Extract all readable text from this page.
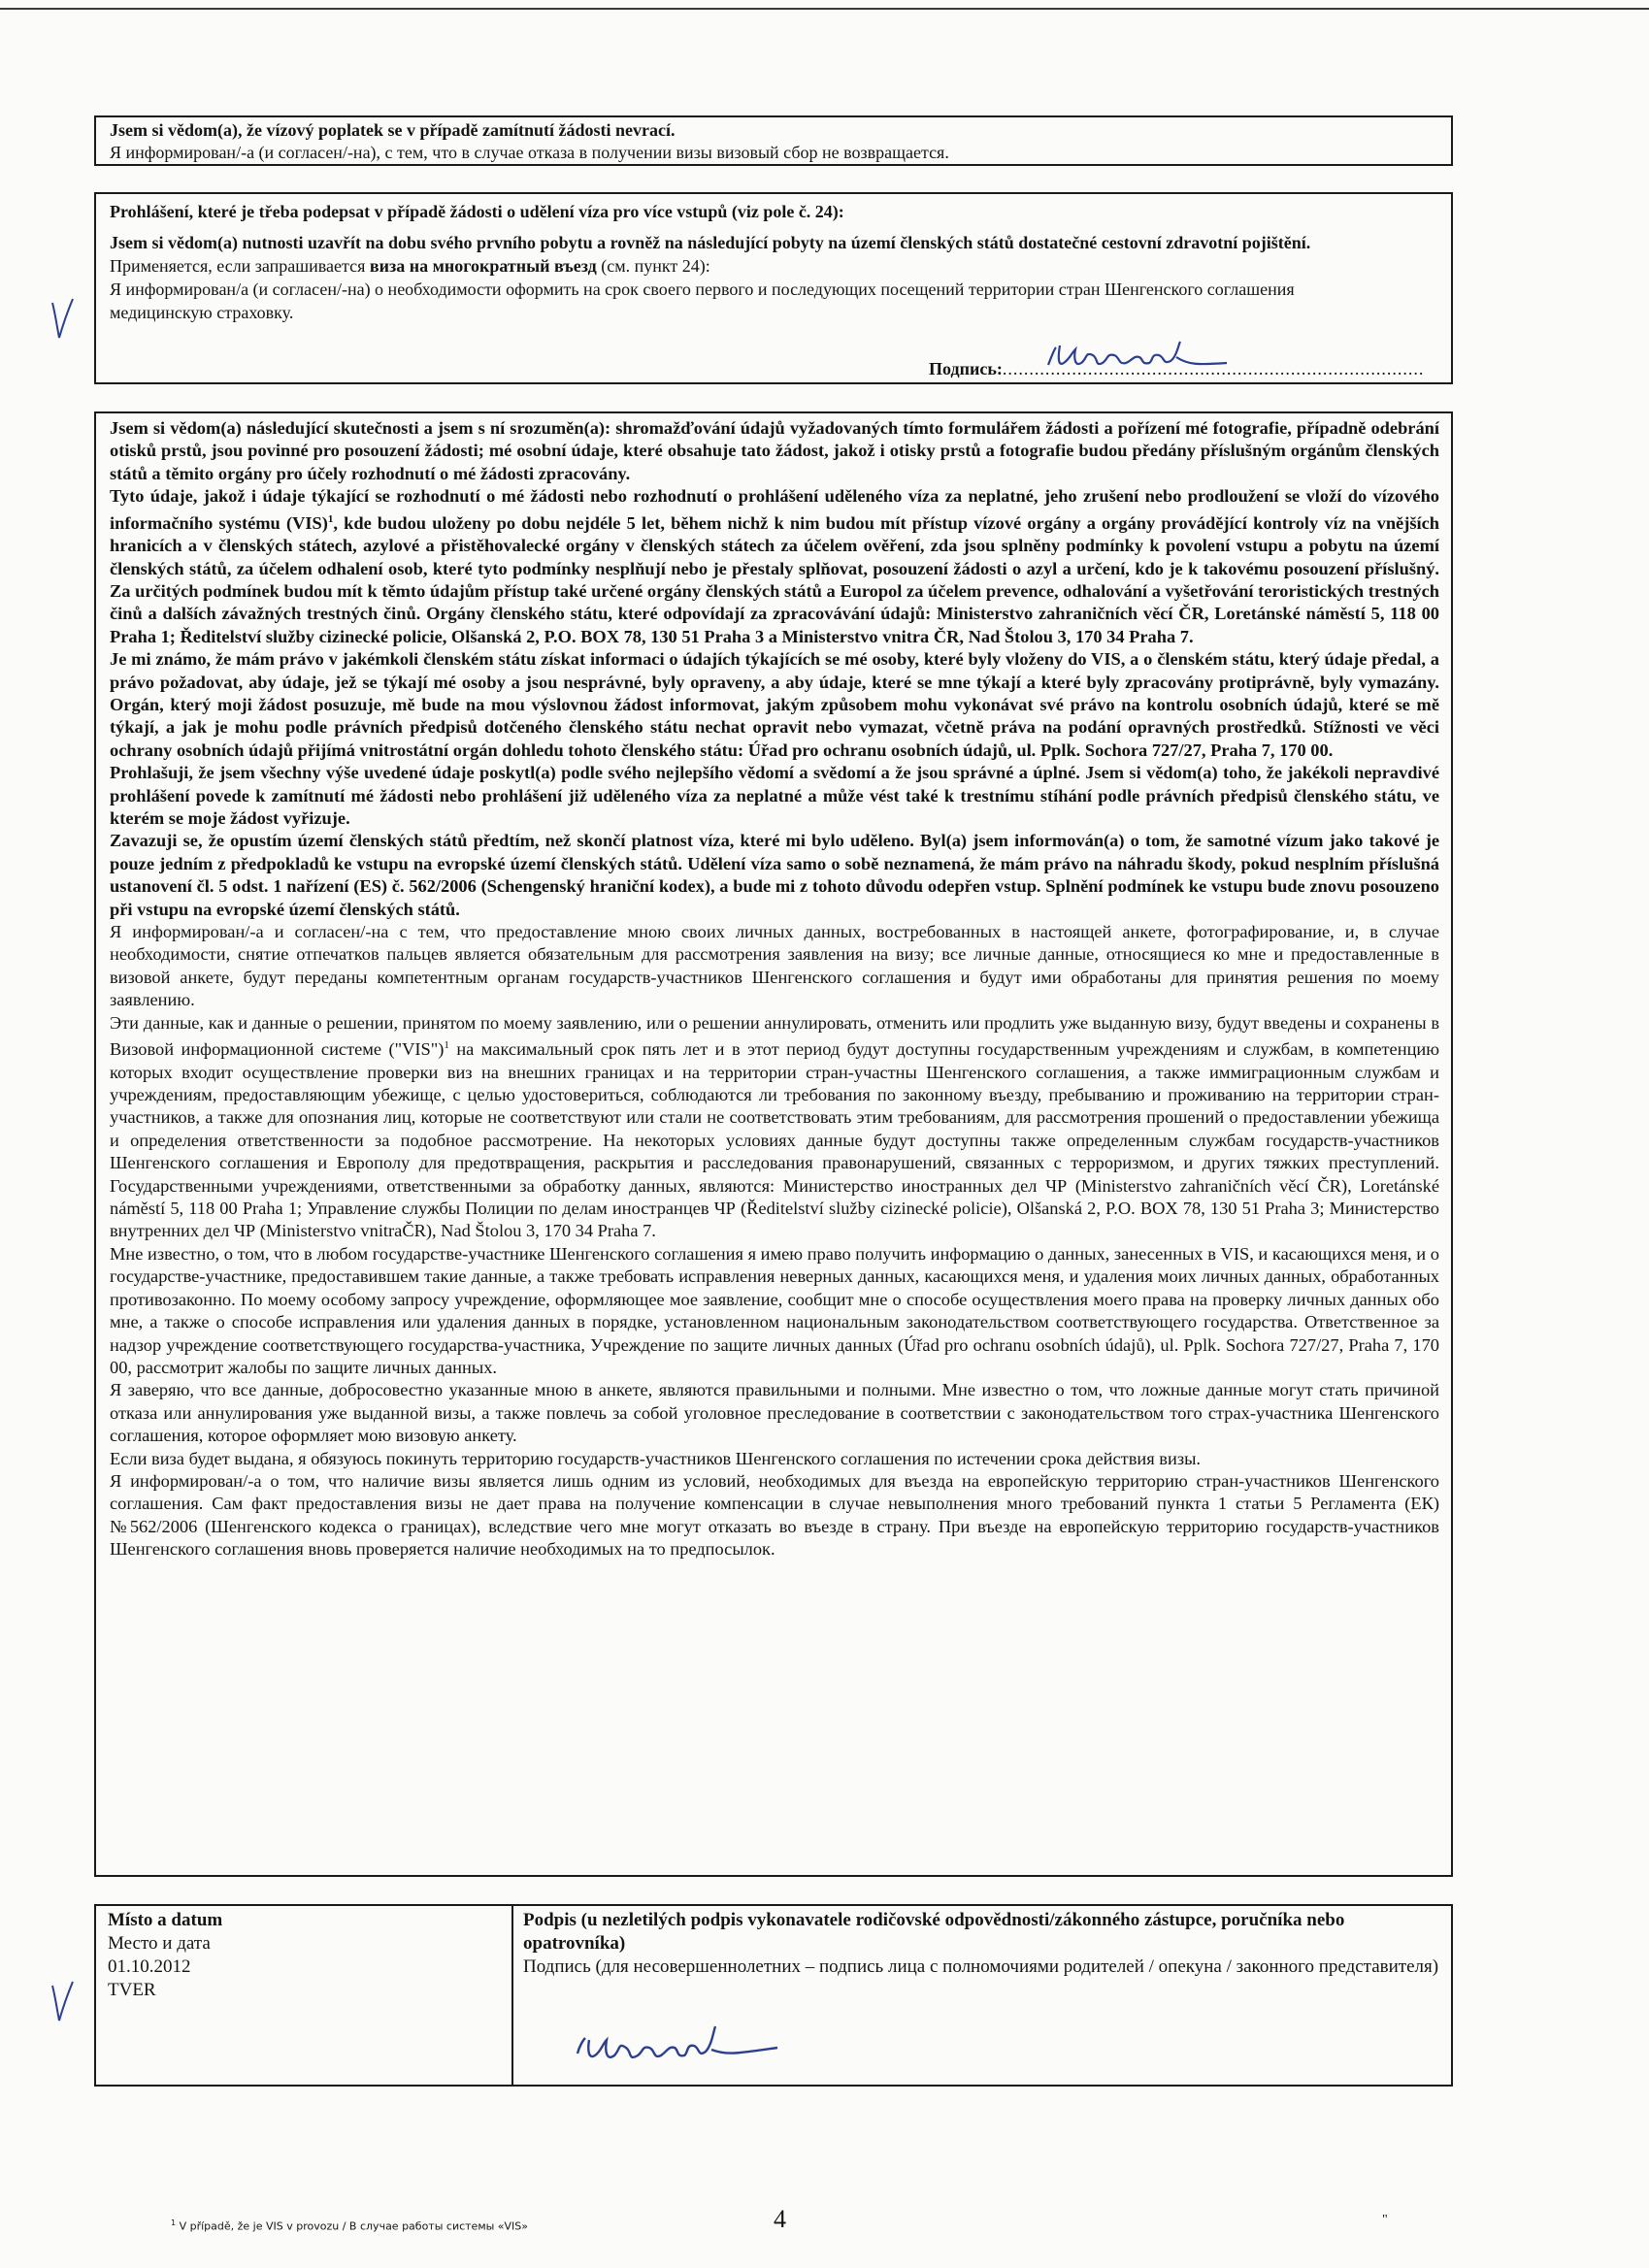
Jsem si vědom(a), že vízový poplatek se v případě zamítnutí žádosti nevrací.

Я информирован/-а (и согласен/-на), с тем, что в случае отказа в получении визы визовый сбор не возвращается.

Prohlášení, které je třeba podepsat v případě žádosti o udělení víza pro více vstupů (viz pole č. 24):

Jsem si vědom(a) nutnosti uzavřít na dobu svého prvního pobytu a rovněž na následující pobyty na území členských států dostatečné cestovní zdravotní pojištění.

Применяется, если запрашивается виза на многократный въезд (см. пункт 24):

Я информирован/а (и согласен/-на) о необходимости оформить на срок своего первого и последующих посещений территории стран Шенгенского соглашения медицинскую страховку.

Подпись:...............................................................................

Jsem si vědom(a) následující skutečnosti a jsem s ní srozuměn(a): shromažďování údajů vyžadovaných tímto formulářem žádosti a pořízení mé fotografie, případně odebrání otisků prstů, jsou povinné pro posouzení žádosti; mé osobní údaje, které obsahuje tato žádost, jakož i otisky prstů a fotografie budou předány příslušným orgánům členských států a těmito orgány pro účely rozhodnutí o mé žádosti zpracovány.

Tyto údaje, jakož i údaje týkající se rozhodnutí o mé žádosti nebo rozhodnutí o prohlášení uděleného víza za neplatné, jeho zrušení nebo prodloužení se vloží do vízového informačního systému (VIS)$^1$, kde budou uloženy po dobu nejdéle 5 let, během nichž k nim budou mít přístup vízové orgány a orgány provádějící kontroly víz na vnějších hranicích a v členských státech, azylové a přistěhovalecké orgány v členských státech za účelem ověření, zda jsou splněny podmínky k povolení vstupu a pobytu na území členských států, za účelem odhalení osob, které tyto podmínky nesplňují nebo je přestaly splňovat, posouzení žádosti o azyl a určení, kdo je k takovému posouzení příslušný. Za určitých podmínek budou mít k těmto údajům přístup také určené orgány členských států a Europol za účelem prevence, odhalování a vyšetřování teroristických trestných činů a dalších závažných trestných činů. Orgány členského státu, které odpovídají za zpracovávání údajů: Ministerstvo zahraničních věcí ČR, Loretánské náměstí 5, 118 00 Praha 1; Ředitelství služby cizinecké policie, Olšanská 2, P.O. BOX 78, 130 51 Praha 3 a Ministerstvo vnitra ČR, Nad Štolou 3, 170 34 Praha 7.

Je mi známo, že mám právo v jakémkoli členském státu získat informaci o údajích týkajících se mé osoby, které byly vloženy do VIS, a o členském státu, který údaje předal, a právo požadovat, aby údaje, jež se týkají mé osoby a jsou nesprávné, byly opraveny, a aby údaje, které se mne týkají a které byly zpracovány protiprávně, byly vymazány. Orgán, který moji žádost posuzuje, mě bude na mou výslovnou žádost informovat, jakým způsobem mohu vykonávat své právo na kontrolu osobních údajů, které se mě týkají, a jak je mohu podle právních předpisů dotčeného členského státu nechat opravit nebo vymazat, včetně práva na podání opravných prostředků. Stížnosti ve věci ochrany osobních údajů přijímá vnitrostátní orgán dohledu tohoto členského státu: Úřad pro ochranu osobních údajů, ul. Pplk. Sochora 727/27, Praha 7, 170 00.

Prohlašuji, že jsem všechny výše uvedené údaje poskytl(a) podle svého nejlepšího vědomí a svědomí a že jsou správné a úplné. Jsem si vědom(a) toho, že jakékoli nepravdivé prohlášení povede k zamítnutí mé žádosti nebo prohlášení již uděleného víza za neplatné a může vést také k trestnímu stíhání podle právních předpisů členského státu, ve kterém se moje žádost vyřizuje.

Zavazuji se, že opustím území členských států předtím, než skončí platnost víza, které mi bylo uděleno. Byl(a) jsem informován(a) o tom, že samotné vízum jako takové je pouze jedním z předpokladů ke vstupu na evropské území členských států. Udělení víza samo o sobě neznamená, že mám právo na náhradu škody, pokud nesplním příslušná ustanovení čl. 5 odst. 1 nařízení (ES) č. 562/2006 (Schengenský hraniční kodex), a bude mi z tohoto důvodu odepřen vstup. Splnění podmínek ke vstupu bude znovu posouzeno při vstupu na evropské území členských států.

Я информирован/-а и согласен/-на с тем, что предоставление мною своих личных данных, востребованных в настоящей анкете, фотографирование, и, в случае необходимости, снятие отпечатков пальцев является обязательным для рассмотрения заявления на визу; все личные данные, относящиеся ко мне и предоставленные в визовой анкете, будут переданы компетентным органам государств-участников Шенгенского соглашения и будут ими обработаны для принятия решения по моему заявлению.

Эти данные, как и данные о решении, принятом по моему заявлению, или о решении аннулировать, отменить или продлить уже выданную визу, будут введены и сохранены в Визовой информационной системе ("VIS")$^1$ на максимальный срок пять лет и в этот период будут доступны государственным учреждениям и службам, в компетенцию которых входит осуществление проверки виз на внешних границах и на территории стран-участны Шенгенского соглашения, а также иммиграционным службам и учреждениям, предоставляющим убежище, с целью удостовериться, соблюдаются ли требования по законному въезду, пребыванию и проживанию на территории стран-участников, а также для опознания лиц, которые не соответствуют или стали не соответствовать этим требованиям, для рассмотрения прошений о предоставлении убежища и определения ответственности за подобное рассмотрение. На некоторых условиях данные будут доступны также определенным службам государств-участников Шенгенского соглашения и Европолу для предотвращения, раскрытия и расследования правонарушений, связанных с терроризмом, и других тяжких преступлений. Государственными учреждениями, ответственными за обработку данных, являются: Министерство иностранных дел ЧР (Ministerstvo zahraničních věcí ČR), Loretánské náměstí 5, 118 00 Praha 1; Управление службы Полиции по делам иностранцев ЧР (Ředitelství služby cizinecké policie), Olšanská 2, P.O. BOX 78, 130 51 Praha 3; Министерство внутренних дел ЧР (Ministerstvo vnitraČR), Nad Štolou 3, 170 34 Praha 7.

Мне известно, о том, что в любом государстве-участнике Шенгенского соглашения я имею право получить информацию о данных, занесенных в VIS, и касающихся меня, и о государстве-участнике, предоставившем такие данные, а также требовать исправления неверных данных, касающихся меня, и удаления моих личных данных, обработанных противозаконно. По моему особому запросу учреждение, оформляющее мое заявление, сообщит мне о способе осуществления моего права на проверку личных данных обо мне, а также о способе исправления или удаления данных в порядке, установленном национальным законодательством соответствующего государства. Ответственное за надзор учреждение соответствующего государства-участника, Учреждение по защите личных данных (Úřad pro ochranu osobních údajů), ul. Pplk. Sochora 727/27, Praha 7, 170 00, рассмотрит жалобы по защите личных данных.

Я заверяю, что все данные, добросовестно указанные мною в анкете, являются правильными и полными. Мне известно о том, что ложные данные могут стать причиной отказа или аннулирования уже выданной визы, а также повлечь за собой уголовное преследование в соответствии с законодательством того страх-участника Шенгенского соглашения, которое оформляет мою визовую анкету.

Если виза будет выдана, я обязуюсь покинуть территорию государств-участников Шенгенского соглашения по истечении срока действия визы.

Я информирован/-а о том, что наличие визы является лишь одним из условий, необходимых для въезда на европейскую территорию стран-участников Шенгенского соглашения. Сам факт предоставления визы не дает права на получение компенсации в случае невыполнения много требований пункта 1 статьи 5 Регламента (ЕК) №562/2006 (Шенгенского кодекса о границах), вследствие чего мне могут отказать во въезде в страну. При въезде на европейскую территорию государств-участников Шенгенского соглашения вновь проверяется наличие необходимых на то предпосылок.

Místo a datum

Место и дата

01.10.2012

TVER

Podpis (u nezletilých podpis vykonavatele rodičovské odpovědnosti/zákonného zástupce, poručníka nebo opatrovníka)

Подпись (для несовершеннолетних – подпись лица с полномочиями родителей / опекуна / законного представителя)

$^1$ V případě, že je VIS v provozu / В случае работы системы «VIS»	4	"
